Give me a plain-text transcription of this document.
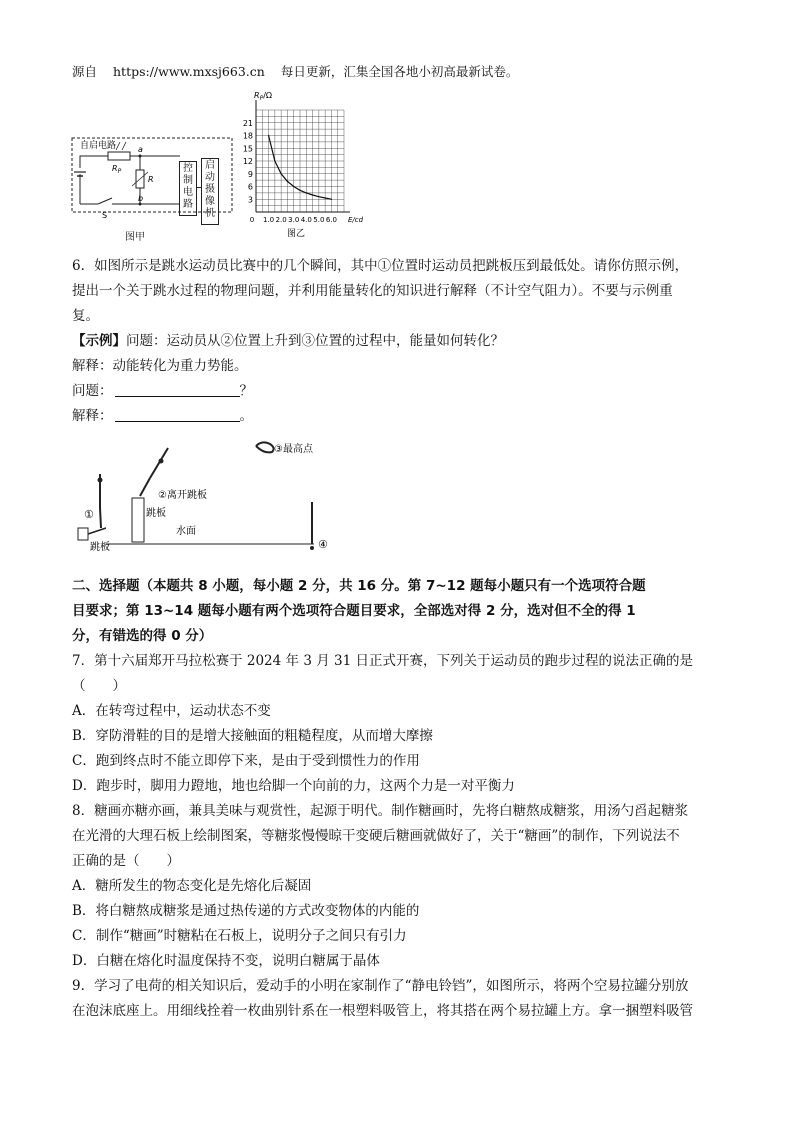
源自 https://www.mxsj663.cn 每日更新，汇集全国各地小初高最新试卷。
自启电路
$R_P$
a
R
b
S
控制电路
启动摄像机
图甲
3
6
9
12
15
18
21
0 1.0 2.0 3.0 4.0 5.0 6.0
$R_P/\Omega$
E/cd
图乙
6．如图所示是跳水运动员比赛中的几个瞬间，其中①位置时运动员把跳板压到最低处。请你仿照示例，
提出一个关于跳水过程的物理问题，并利用能量转化的知识进行解释（不计空气阻力）。不要与示例重
复。
【示例】问题：运动员从②位置上升到③位置的过程中，能量如何转化？
解释：动能转化为重力势能。
问题：	？
解释：	。
①
跳板
跳板
②离开跳板
③最高点
水面
④
二、选择题（本题共 8 小题，每小题 2 分，共 16 分。第 7~12 题每小题只有一个选项符合题
目要求；第 13~14 题每小题有两个选项符合题目要求，全部选对得 2 分，选对但不全的得 1
分，有错选的得 0 分）
7．第十六届郑开马拉松赛于 2024 年 3 月 31 日正式开赛，下列关于运动员的跑步过程的说法正确的是
（　　）
A．在转弯过程中，运动状态不变
B．穿防滑鞋的目的是增大接触面的粗糙程度，从而增大摩擦
C．跑到终点时不能立即停下来，是由于受到惯性力的作用
D．跑步时，脚用力蹬地，地也给脚一个向前的力，这两个力是一对平衡力
8．糖画亦糖亦画，兼具美味与观赏性，起源于明代。制作糖画时，先将白糖熬成糖浆，用汤勺舀起糖浆
在光滑的大理石板上绘制图案，等糖浆慢慢晾干变硬后糖画就做好了，关于“糖画”的制作，下列说法不
正确的是（　　）
A．糖所发生的物态变化是先熔化后凝固
B．将白糖熬成糖浆是通过热传递的方式改变物体的内能的
C．制作“糖画”时糖粘在石板上，说明分子之间只有引力
D．白糖在熔化时温度保持不变，说明白糖属于晶体
9．学习了电荷的相关知识后，爱动手的小明在家制作了“静电铃铛”，如图所示，将两个空易拉罐分别放
在泡沫底座上。用细线拴着一枚曲别针系在一根塑料吸管上，将其搭在两个易拉罐上方。拿一捆塑料吸管
